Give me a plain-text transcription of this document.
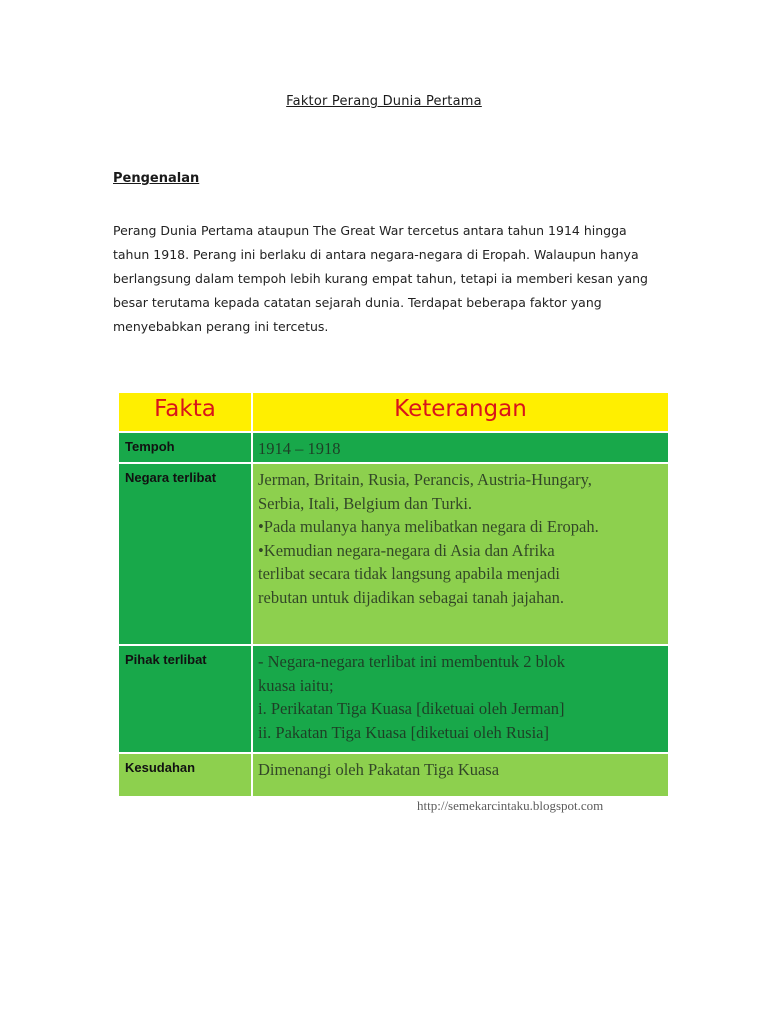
Faktor Perang Dunia Pertama
Pengenalan
Perang Dunia Pertama ataupun The Great War tercetus antara tahun 1914 hingga
tahun 1918. Perang ini berlaku di antara negara-negara di Eropah. Walaupun hanya
berlangsung dalam tempoh lebih kurang empat tahun, tetapi ia memberi kesan yang
besar terutama kepada catatan sejarah dunia. Terdapat beberapa faktor yang
menyebabkan perang ini tercetus.
Fakta	Keterangan
Tempoh	1914 – 1918
Negara terlibat	Jerman, Britain, Rusia, Perancis, Austria-Hungary,
Serbia, Itali, Belgium dan Turki.
•Pada mulanya hanya melibatkan negara di Eropah.
•Kemudian negara-negara di Asia dan Afrika
terlibat secara tidak langsung apabila menjadi
rebutan untuk dijadikan sebagai tanah jajahan.
Pihak terlibat	- Negara-negara terlibat ini membentuk 2 blok
kuasa iaitu;
i. Perikatan Tiga Kuasa [diketuai oleh Jerman]
ii. Pakatan Tiga Kuasa [diketuai oleh Rusia]
Kesudahan	Dimenangi oleh Pakatan Tiga Kuasa
http://semekarcintaku.blogspot.com
